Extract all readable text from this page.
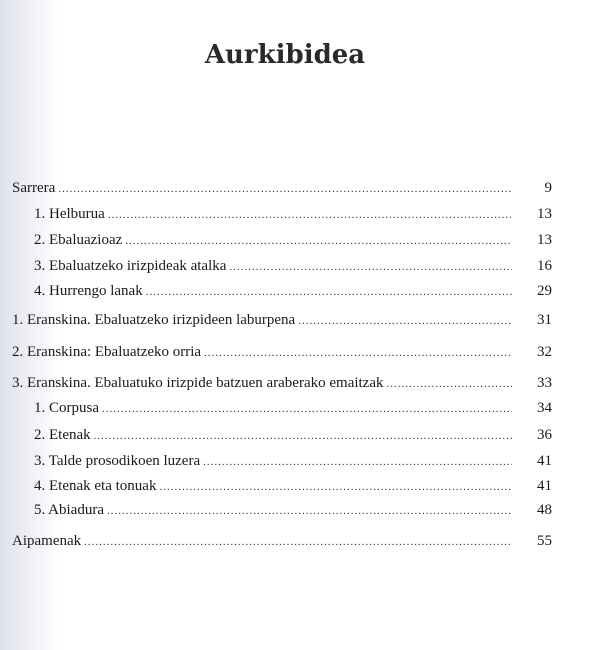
Aurkibidea
Sarrera .....	9
1. Helburua .....	13
2. Ebaluazioaz .....	13
3. Ebaluatzeko irizpideak atalka .....	16
4. Hurrengo lanak .....	29
1. Eranskina. Ebaluatzeko irizpideen laburpena .....	31
2. Eranskina: Ebaluatzeko orria .....	32
3. Eranskina. Ebaluatuko irizpide batzuen araberako emaitzak .....	33
1. Corpusa .....	34
2. Etenak .....	36
3. Talde prosodikoen luzera .....	41
4. Etenak eta tonuak .....	41
5. Abiadura .....	48
Aipamenak .....	55
